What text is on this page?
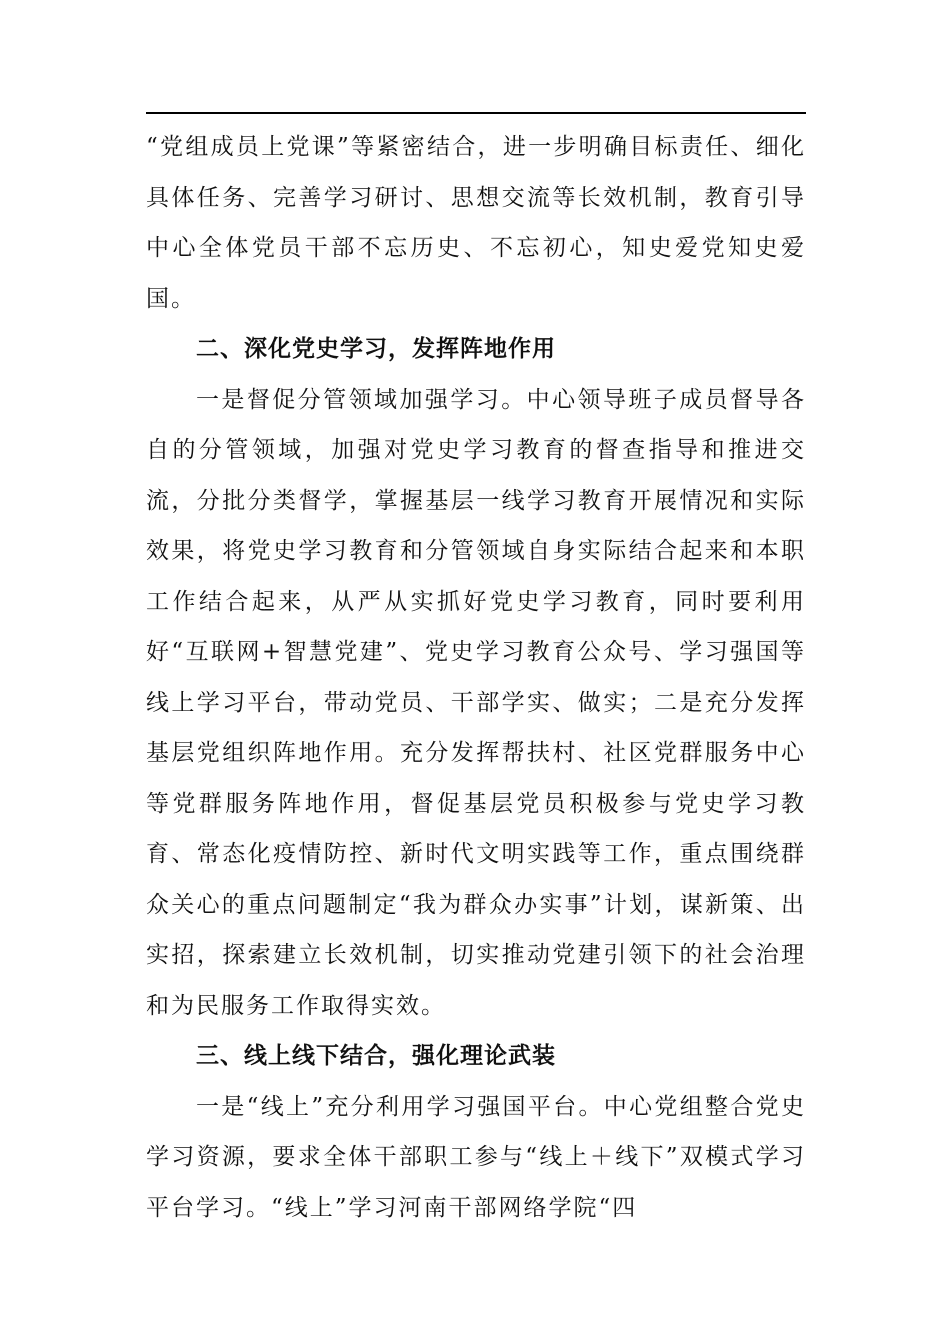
“党组成员上党课”等紧密结合，进一步明确目标责任、细化具体任务、完善学习研讨、思想交流等长效机制，教育引导中心全体党员干部不忘历史、不忘初心，知史爱党知史爱国。

二、深化党史学习，发挥阵地作用

一是督促分管领域加强学习。中心领导班子成员督导各自的分管领域，加强对党史学习教育的督查指导和推进交流，分批分类督学，掌握基层一线学习教育开展情况和实际效果，将党史学习教育和分管领域自身实际结合起来和本职工作结合起来，从严从实抓好党史学习教育，同时要利用好“互联网+智慧党建”、党史学习教育公众号、学习强国等线上学习平台，带动党员、干部学实、做实；二是充分发挥基层党组织阵地作用。充分发挥帮扶村、社区党群服务中心等党群服务阵地作用，督促基层党员积极参与党史学习教育、常态化疫情防控、新时代文明实践等工作，重点围绕群众关心的重点问题制定“我为群众办实事”计划，谋新策、出实招，探索建立长效机制，切实推动党建引领下的社会治理和为民服务工作取得实效。

三、线上线下结合，强化理论武装

一是“线上”充分利用学习强国平台。中心党组整合党史学习资源，要求全体干部职工参与“线上＋线下”双模式学习平台学习。“线上”学习河南干部网络学院“四
